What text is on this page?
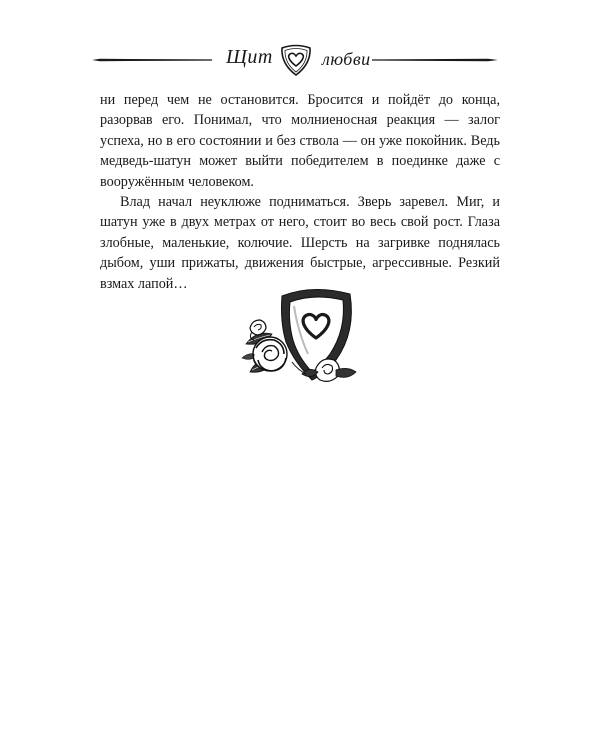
Щит	любви

ни перед чем не остановится. Бросится и пойдёт до конца, разорвав его. Понимал, что молниеносная реакция — залог успеха, но в его состоянии и без ствола — он уже покойник. Ведь медведь-шатун может выйти победителем в поединке даже с вооружённым человеком.

Влад начал неуклюже подниматься. Зверь заревел. Миг, и шатун уже в двух метрах от него, стоит во весь свой рост. Глаза злобные, маленькие, колючие. Шерсть на загривке поднялась дыбом, уши прижаты, движения быстрые, агрессивные. Резкий взмах лапой…
